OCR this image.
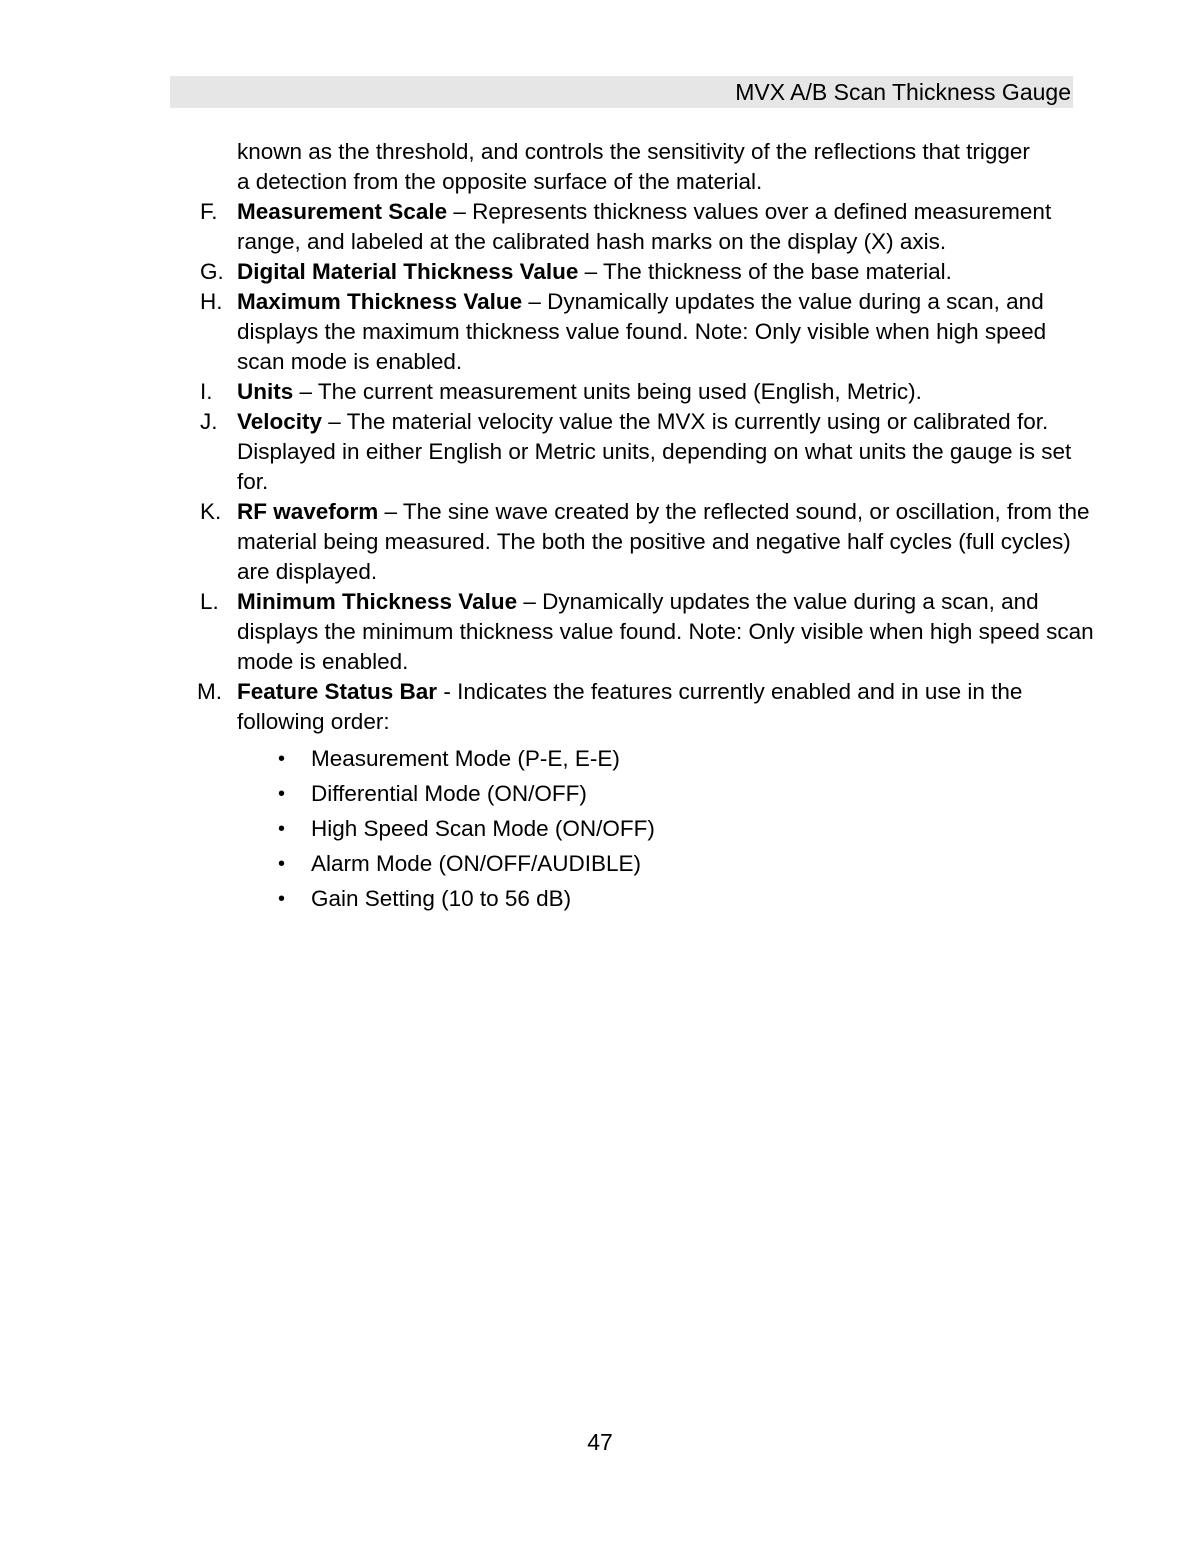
MVX A/B Scan Thickness Gauge

known as the threshold, and controls the sensitivity of the reflections that trigger a detection from the opposite surface of the material.

F. Measurement Scale – Represents thickness values over a defined measurement range, and labeled at the calibrated hash marks on the display (X) axis.
G. Digital Material Thickness Value – The thickness of the base material.
H. Maximum Thickness Value – Dynamically updates the value during a scan, and displays the maximum thickness value found. Note: Only visible when high speed scan mode is enabled.
I.	Units – The current measurement units being used (English, Metric).
J. Velocity – The material velocity value the MVX is currently using or calibrated for. Displayed in either English or Metric units, depending on what units the gauge is set for.
K. RF waveform – The sine wave created by the reflected sound, or oscillation, from the material being measured. The both the positive and negative half cycles (full cycles) are displayed.
L. Minimum Thickness Value – Dynamically updates the value during a scan, and displays the minimum thickness value found. Note: Only visible when high speed scan mode is enabled.
M. Feature Status Bar - Indicates the features currently enabled and in use in the following order:
• Measurement Mode (P-E, E-E)
• Differential Mode (ON/OFF)
• High Speed Scan Mode (ON/OFF)
• Alarm Mode (ON/OFF/AUDIBLE)
• Gain Setting (10 to 56 dB)
47
